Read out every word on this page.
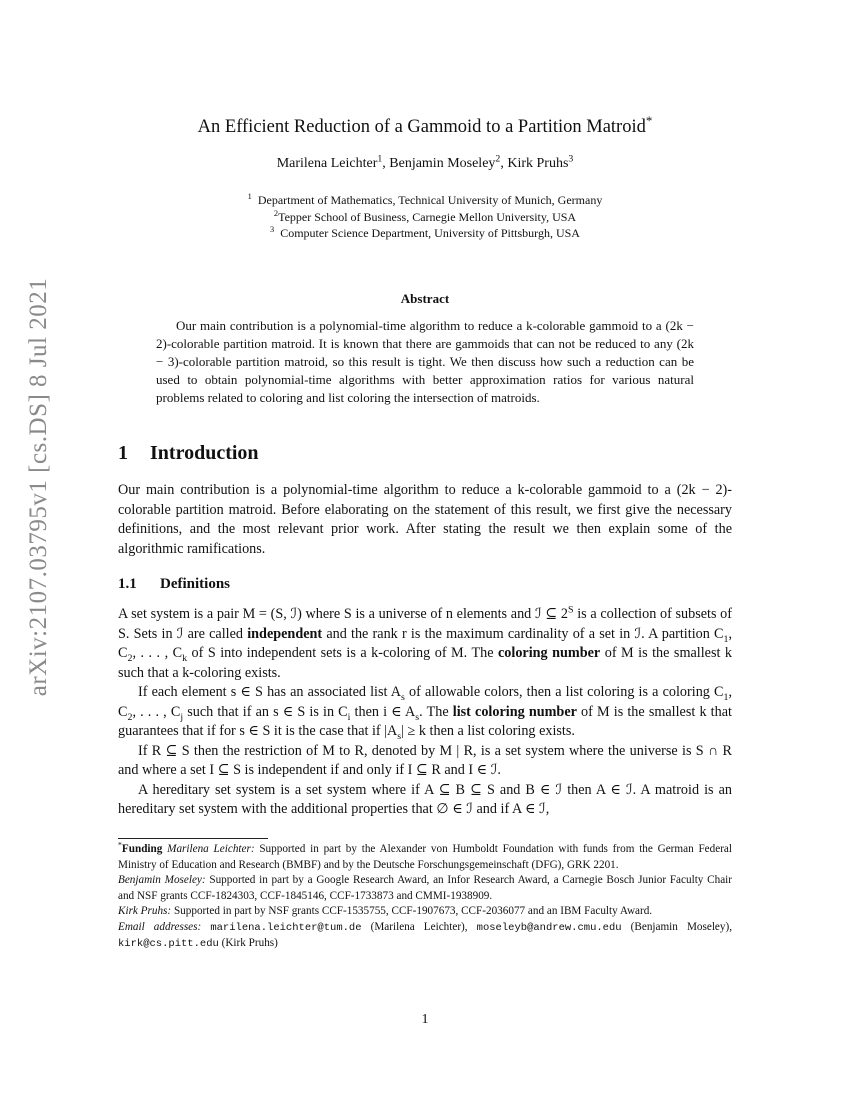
arXiv:2107.03795v1 [cs.DS] 8 Jul 2021
An Efficient Reduction of a Gammoid to a Partition Matroid*
Marilena Leichter$^1$, Benjamin Moseley$^2$, Kirk Pruhs$^3$
$^1$ Department of Mathematics, Technical University of Munich, Germany
$^2$Tepper School of Business, Carnegie Mellon University, USA
$^3$ Computer Science Department, University of Pittsburgh, USA
Abstract

Our main contribution is a polynomial-time algorithm to reduce a k-colorable gammoid to a (2k − 2)-colorable partition matroid. It is known that there are gammoids that can not be reduced to any (2k − 3)-colorable partition matroid, so this result is tight. We then discuss how such a reduction can be used to obtain polynomial-time algorithms with better approximation ratios for various natural problems related to coloring and list coloring the intersection of matroids.

1 Introduction

Our main contribution is a polynomial-time algorithm to reduce a k-colorable gammoid to a (2k − 2)-colorable partition matroid. Before elaborating on the statement of this result, we first give the necessary definitions, and the most relevant prior work. After stating the result we then explain some of the algorithmic ramifications.

1.1 Definitions

A set system is a pair M = (S, ℐ) where S is a universe of n elements and ℐ ⊆ $2^S$ is a collection of subsets of S. Sets in ℐ are called independent and the rank r is the maximum cardinality of a set in ℐ. A partition $C_1$, $C_2$, . . . , $C_k$ of S into independent sets is a k-coloring of M. The coloring number of M is the smallest k such that a k-coloring exists.

If each element s ∈ S has an associated list $A_s$ of allowable colors, then a list coloring is a coloring $C_1$, $C_2$, . . . , $C_j$ such that if an s ∈ S is in $C_i$ then i ∈ $A_s$. The list coloring number of M is the smallest k that guarantees that if for s ∈ S it is the case that if $|A_s| \ge k$ then a list coloring exists.

If R ⊆ S then the restriction of M to R, denoted by M | R, is a set system where the universe is S ∩ R and where a set I ⊆ S is independent if and only if I ⊆ R and I ∈ ℐ.

A hereditary set system is a set system where if A ⊆ B ⊆ S and B ∈ ℐ then A ∈ ℐ. A matroid is an hereditary set system with the additional properties that ∅ ∈ ℐ and if A ∈ ℐ,

*Funding Marilena Leichter: Supported in part by the Alexander von Humboldt Foundation with funds from the German Federal Ministry of Education and Research (BMBF) and by the Deutsche Forschungsgemeinschaft (DFG), GRK 2201.

Benjamin Moseley: Supported in part by a Google Research Award, an Infor Research Award, a Carnegie Bosch Junior Faculty Chair and NSF grants CCF-1824303, CCF-1845146, CCF-1733873 and CMMI-1938909.

Kirk Pruhs: Supported in part by NSF grants CCF-1535755, CCF-1907673, CCF-2036077 and an IBM Faculty Award.

Email addresses: marilena.leichter@tum.de (Marilena Leichter), moseleyb@andrew.cmu.edu (Benjamin Moseley), kirk@cs.pitt.edu (Kirk Pruhs)

1
